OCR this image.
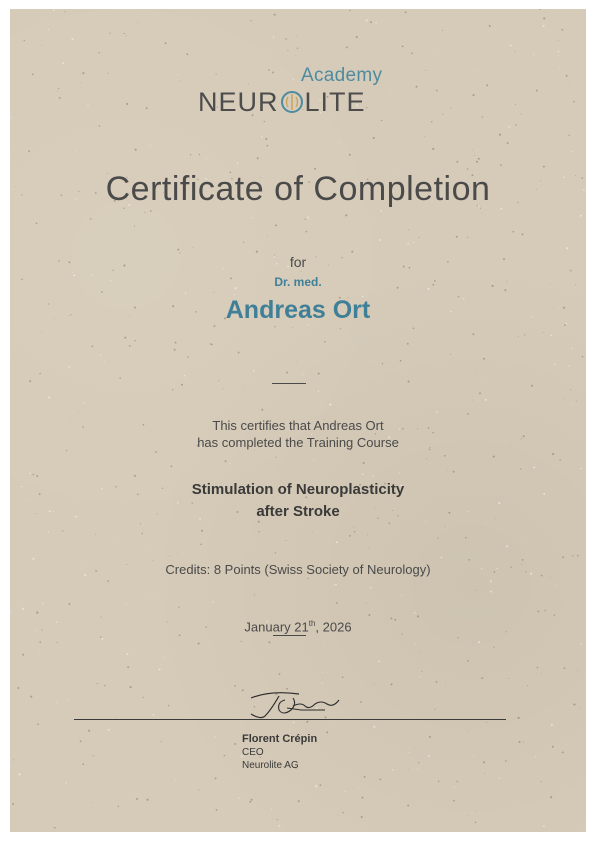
Academy
NEUR LITE
Certificate of Completion
for
Dr. med.
Andreas Ort
This certifies that Andreas Ort
has completed the Training Course
Stimulation of Neuroplasticity
after Stroke
Credits: 8 Points (Swiss Society of Neurology)
January 21th, 2026
Florent Crépin
CEO
Neurolite AG
